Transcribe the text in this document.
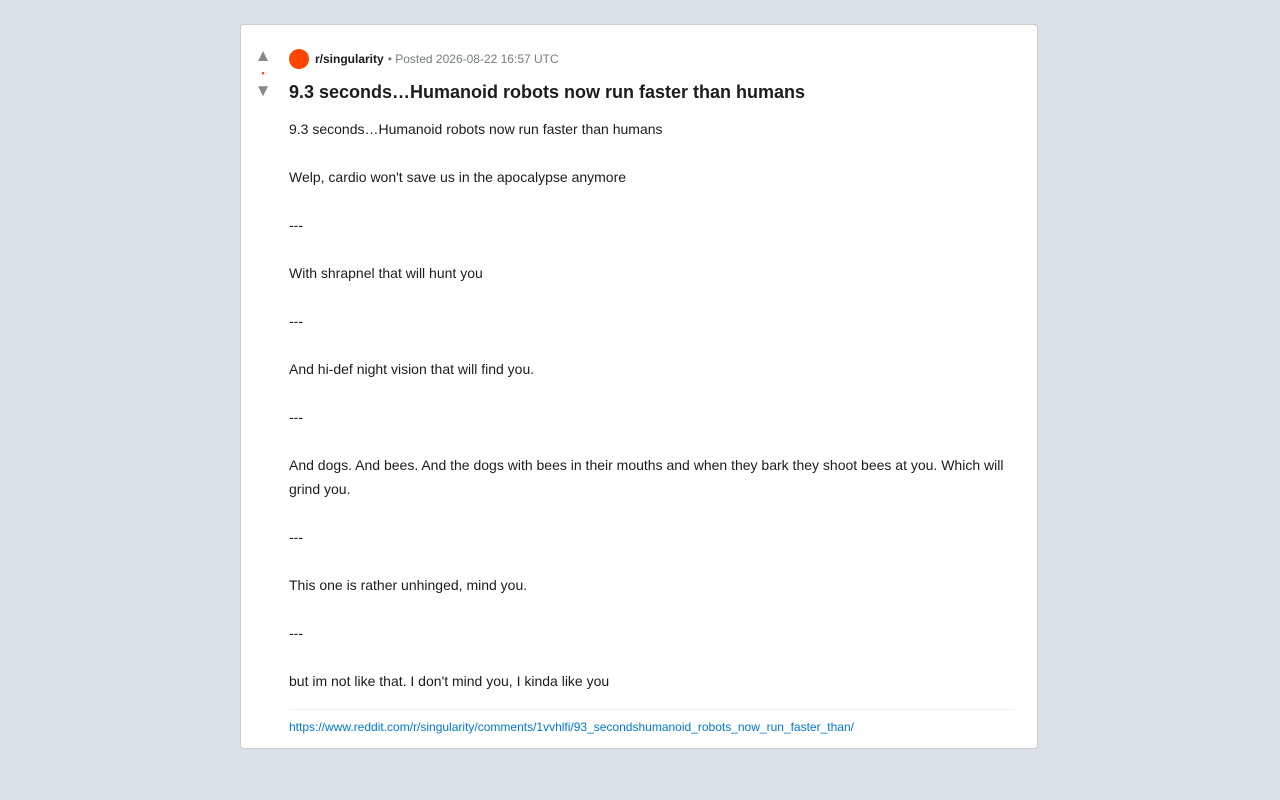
▲
•
▼
r/singularity • Posted 2026-08-22 16:57 UTC
9.3 seconds…Humanoid robots now run faster than humans

9.3 seconds…Humanoid robots now run faster than humans

Welp, cardio won't save us in the apocalypse anymore

---

With shrapnel that will hunt you

---

And hi-def night vision that will find you.

---

And dogs. And bees. And the dogs with bees in their mouths and when they bark they shoot bees at you. Which will grind you.

---

This one is rather unhinged, mind you.

---

but im not like that. I don't mind you, I kinda like you

https://www.reddit.com/r/singularity/comments/1vvhlfi/93_secondshumanoid_robots_now_run_faster_than/
